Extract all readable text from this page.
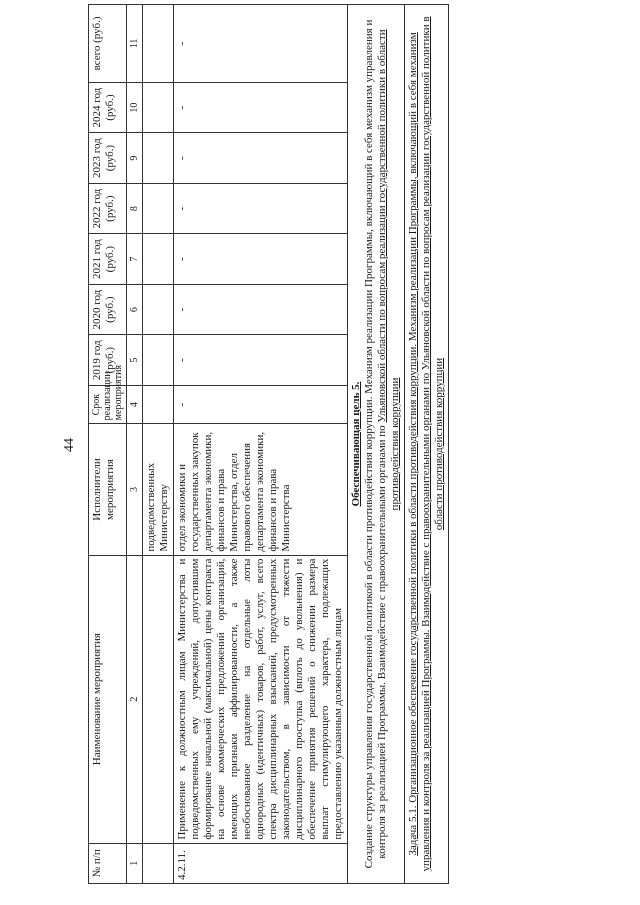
44
№ п/п	Наименование мероприятия	Исполнители мероприятия	Срок реализации мероприятия	2019 год (руб.)	2020 год (руб.)	2021 год (руб.)	2022 год (руб.)	2023 год (руб.)	2024 год (руб.)	всего (руб.)
1	2	3	4	5	6	7	8	9	10	11
		подведомственных Министерству								
4.2.11.	Применение к должностным лицам Министерства и подведомственных ему учреждений, допустившим формирование начальной (максимальной) цены контракта на основе коммерческих предложений организаций, имеющих признаки аффилированности, а также необоснованное разделение на отдельные лоты однородных (идентичных) товаров, работ, услуг, всего спектра дисциплинарных взысканий, предусмотренных законодательством, в зависимости от тяжести дисциплинарного проступка (вплоть до увольнения) и обеспечение принятия решений о снижении размера выплат стимулирующего характера, подлежащих предоставлению указанным должностным лицам	отдел экономики и государственных закупок департамента экономики, финансов и права Министерства, отдел правового обеспечения департамента экономики, финансов и права Министерства	-	-	-	-	-	-	-	-

Обеспечивающая цель 5. Создание структуры управления государственной политикой в области противодействия коррупции. Механизм реализации Программы, включающий в себя механизм управления и контроля за реализацией Программы. Взаимодействие с правоохранительными органами по Ульяновской области по вопросам реализации государственной политики в области противодействия коррупции										

Задача 5.1. Организационное обеспечение государственной политики в области противодействия коррупции. Механизм реализации Программы, включающий в себя механизм управления и контроля за реализацией Программы. Взаимодействие с правоохранительными органами по Ульяновской области по вопросам реализации государственной политики в области противодействия коррупции										
